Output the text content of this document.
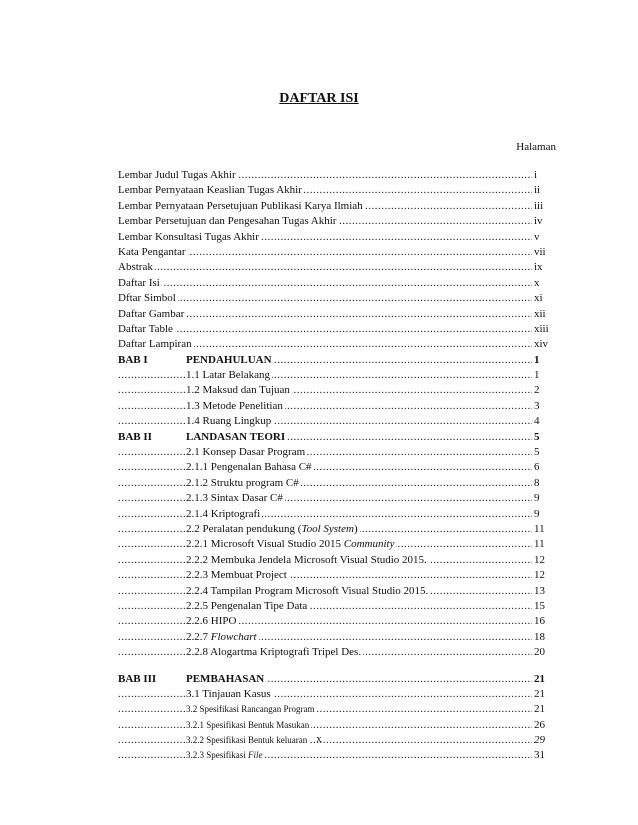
DAFTAR ISI
Halaman
.....
Lembar Judul Tugas Akhir	i
.....
Lembar Pernyataan Keaslian Tugas Akhir	ii
.....
Lembar Pernyataan Persetujuan Publikasi Karya Ilmiah	iii
.....
Lembar Persetujuan dan Pengesahan Tugas Akhir	iv
.....
Lembar Konsultasi Tugas Akhir	v
.....
Kata Pengantar	vii
.....
Abstrak	ix
.....
Daftar Isi	x
.....
Dftar Simbol	xi
.....
Daftar Gambar	xii
.....
Daftar Table	xiii
.....
Daftar Lampiran	xiv
.....
BAB I	PENDAHULUAN	1
.....
1.1 Latar Belakang	1
.....
1.2 Maksud dan Tujuan	2
.....
1.3 Metode Penelitian	3
.....
1.4 Ruang Lingkup	4
.....
BAB II	LANDASAN TEORI	5
.....
2.1 Konsep Dasar Program	5
.....
2.1.1 Pengenalan Bahasa C#	6
.....
2.1.2 Struktu program C#	8
.....
2.1.3 Sintax Dasar C#	9
.....
2.1.4 Kriptografi	9
.....
2.2 Peralatan pendukung (Tool System)	11
.....
2.2.1 Microsoft Visual Studio 2015 Community	11
.....
2.2.2 Membuka Jendela Microsoft Visual Studio 2015.	12
.....
2.2.3 Membuat Project	12
.....
2.2.4 Tampilan Program Microsoft Visual Studio 2015.	13
.....
2.2.5 Pengenalan Tipe Data	15
.....
2.2.6 HIPO	16
.....
2.2.7 Flowchart	18
.....
2.2.8 Alogartma Kriptografi Tripel Des.	20
.....
BAB III	PEMBAHASAN	21
.....
3.1 Tinjauan Kasus	21
.....
3.2 Spesifikasi Rancangan Program	21
.....
3.2.1 Spesifikasi Bentuk Masukan	26
.....
3.2.2 Spesifikasi Bentuk keluaran	29
.....
3.2.3 Spesifikasi File	31
x
